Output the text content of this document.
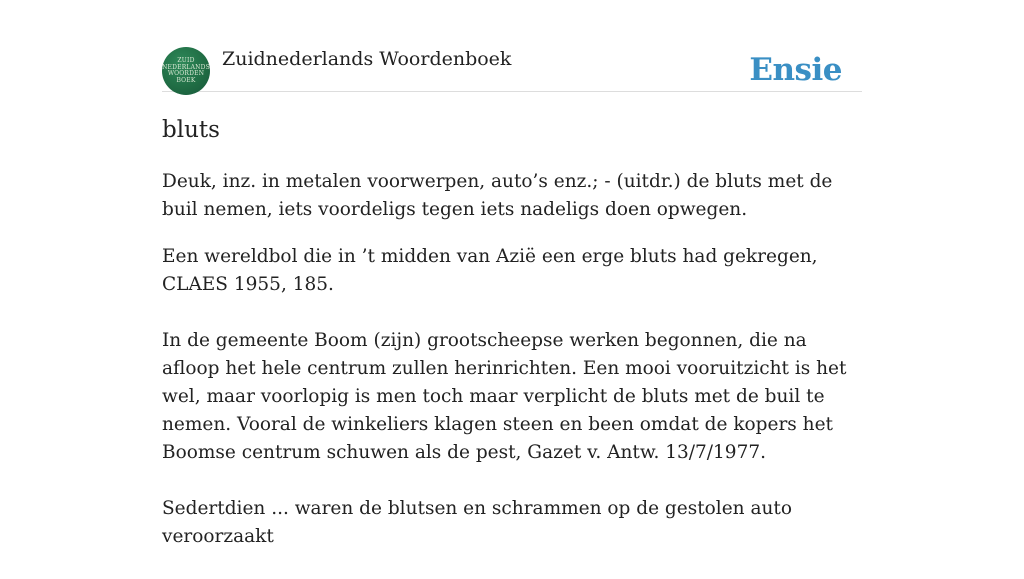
ZUID
NEDERLANDS
WOORDEN
BOEK
Zuidnederlands Woordenboek	Ensie
bluts

Deuk, inz. in metalen voorwerpen, auto’s enz.; - (uitdr.) de bluts met de buil nemen, iets voordeligs tegen iets nadeligs doen opwegen.

Een wereldbol die in ’t midden van Azië een erge bluts had gekregen, CLAES 1955, 185.

In de gemeente Boom (zijn) grootscheepse werken begonnen, die na afloop het hele centrum zullen herinrichten. Een mooi vooruitzicht is het wel, maar voorlopig is men toch maar verplicht de bluts met de buil te nemen. Vooral de winkeliers klagen steen en been omdat de kopers het Boomse centrum schuwen als de pest, Gazet v. Antw. 13/7/1977.

Sedertdien ... waren de blutsen en schrammen op de gestolen auto veroorzaakt
